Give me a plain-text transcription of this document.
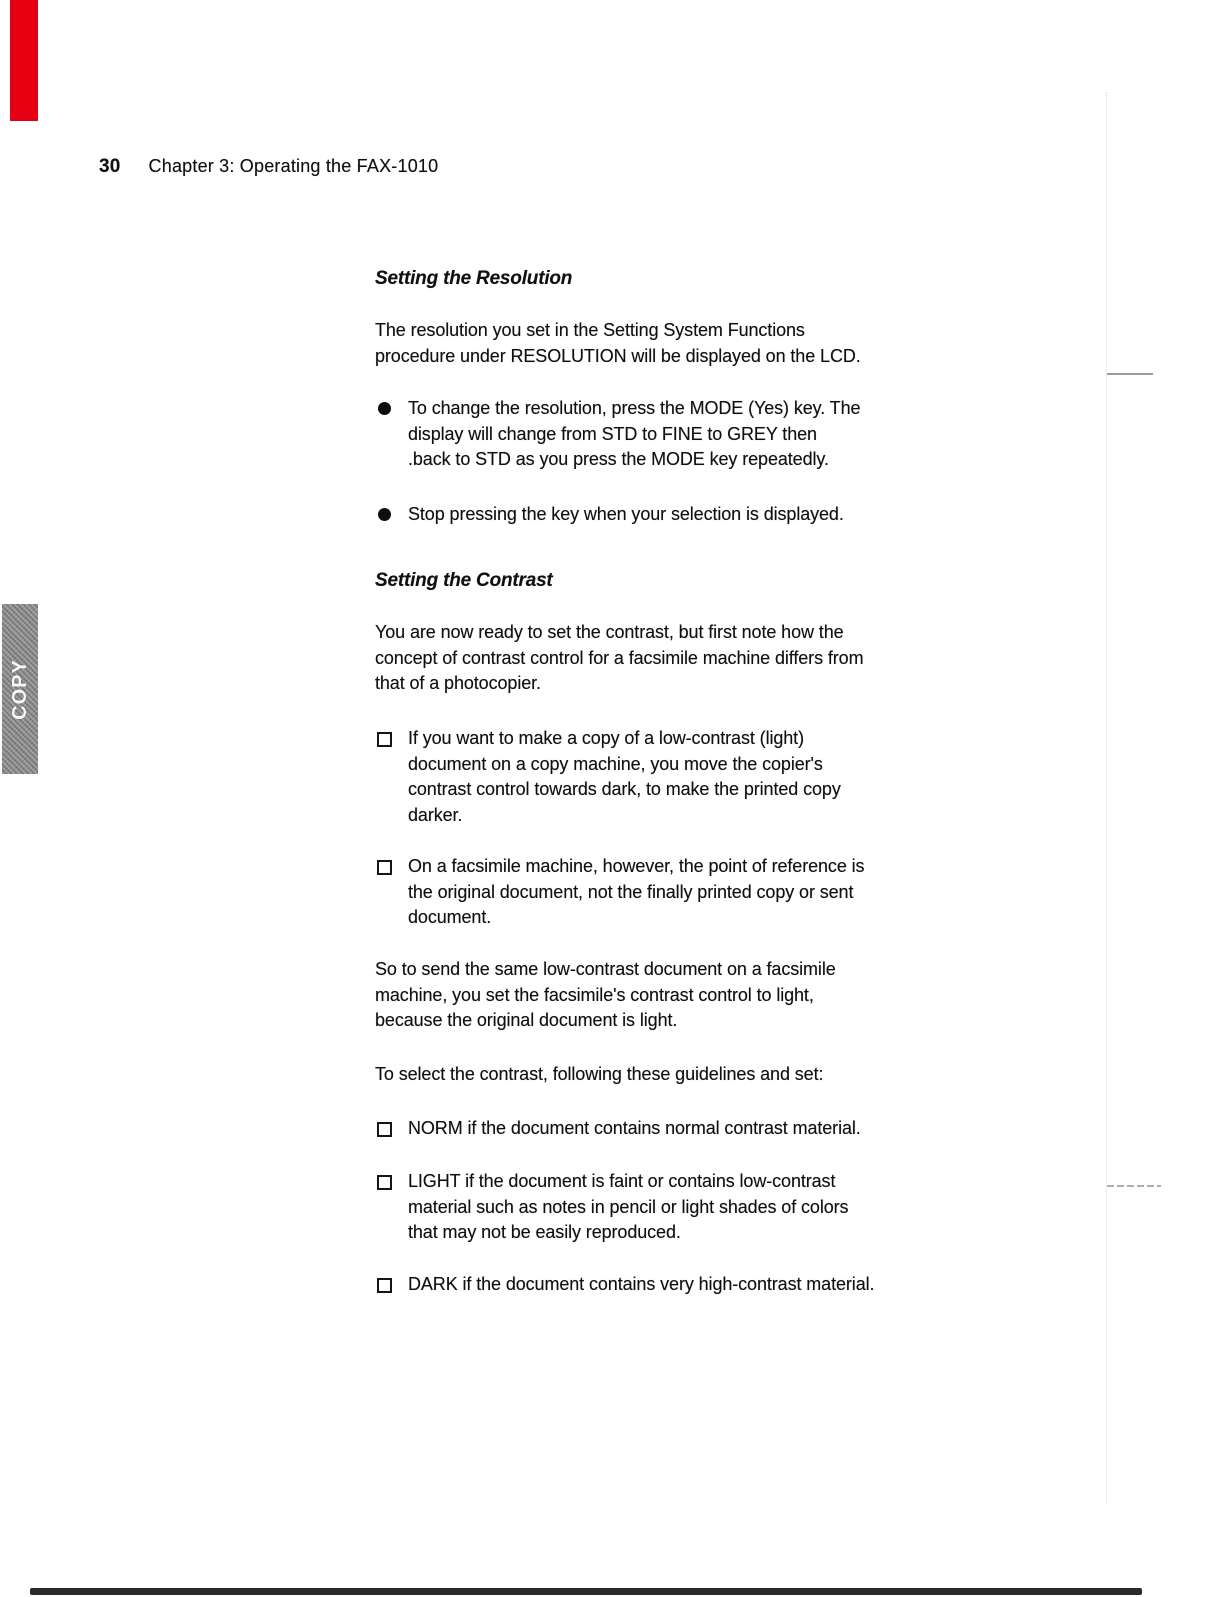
30 Chapter 3: Operating the FAX-1010
COPY
Setting the Resolution
The resolution you set in the Setting System Functions
procedure under RESOLUTION will be displayed on the LCD.
To change the resolution, press the MODE (Yes) key. The
display will change from STD to FINE to GREY then
.back to STD as you press the MODE key repeatedly.
Stop pressing the key when your selection is displayed.
Setting the Contrast
You are now ready to set the contrast, but first note how the
concept of contrast control for a facsimile machine differs from
that of a photocopier.
If you want to make a copy of a low-contrast (light)
document on a copy machine, you move the copier's
contrast control towards dark, to make the printed copy
darker.
On a facsimile machine, however, the point of reference is
the original document, not the finally printed copy or sent
document.
So to send the same low-contrast document on a facsimile
machine, you set the facsimile's contrast control to light,
because the original document is light.
To select the contrast, following these guidelines and set:
NORM if the document contains normal contrast material.
LIGHT if the document is faint or contains low-contrast
material such as notes in pencil or light shades of colors
that may not be easily reproduced.
DARK if the document contains very high-contrast material.
